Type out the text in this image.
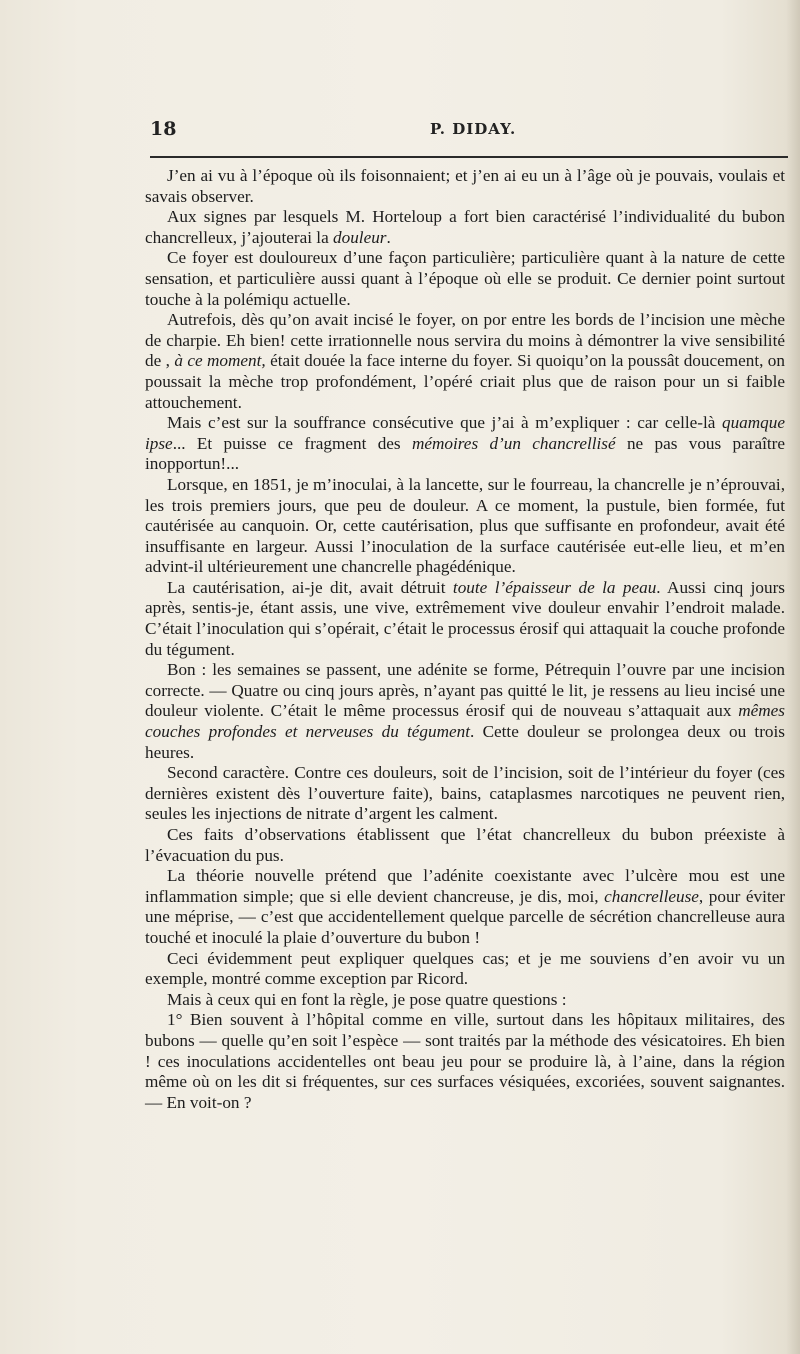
18	P. DIDAY.

J’en ai vu à l’époque où ils foisonnaient; et j’en ai eu un à l’âge où je pouvais, voulais et savais observer.

Aux signes par lesquels M. Horteloup a fort bien caractérisé l’individualité du bubon chancrelleux, j’ajouterai la douleur.

Ce foyer est douloureux d’une façon particulière; particulière quant à la nature de cette sensation, et particulière aussi quant à l’époque où elle se produit. Ce dernier point surtout touche à la polémiqu actuelle.

Autrefois, dès qu’on avait incisé le foyer, on por entre les bords de l’incision une mèche de charpie. Eh bien! cette irrationnelle nous servira du moins à démontrer la vive sensibilité de , à ce moment, était douée la face interne du foyer. Si quoiqu’on la poussât doucement, on poussait la mèche trop profondément, l’opéré criait plus que de raison pour un si faible attouchement.

Mais c’est sur la souffrance consécutive que j’ai à m’expliquer : car celle-là quamque ipse... Et puisse ce fragment des mémoires d’un chancrellisé ne pas vous paraître inopportun!...

Lorsque, en 1851, je m’inoculai, à la lancette, sur le fourreau, la chancrelle je n’éprouvai, les trois premiers jours, que peu de douleur. A ce moment, la pustule, bien formée, fut cautérisée au canquoin. Or, cette cautérisation, plus que suffisante en profondeur, avait été insuffisante en largeur. Aussi l’inoculation de la surface cautérisée eut-elle lieu, et m’en advint-il ultérieurement une chancrelle phagédénique.

La cautérisation, ai-je dit, avait détruit toute l’épaisseur de la peau. Aussi cinq jours après, sentis-je, étant assis, une vive, extrêmement vive douleur envahir l’endroit malade. C’était l’inoculation qui s’opérait, c’était le processus érosif qui attaquait la couche profonde du tégument.

Bon : les semaines se passent, une adénite se forme, Pétrequin l’ouvre par une incision correcte. — Quatre ou cinq jours après, n’ayant pas quitté le lit, je ressens au lieu incisé une douleur violente. C’était le même processus érosif qui de nouveau s’attaquait aux mêmes couches profondes et nerveuses du tégument. Cette douleur se prolongea deux ou trois heures.

Second caractère. Contre ces douleurs, soit de l’incision, soit de l’intérieur du foyer (ces dernières existent dès l’ouverture faite), bains, cataplasmes narcotiques ne peuvent rien, seules les injections de nitrate d’argent les calment.

Ces faits d’observations établissent que l’état chancrelleux du bubon préexiste à l’évacuation du pus.

La théorie nouvelle prétend que l’adénite coexistante avec l’ulcère mou est une inflammation simple; que si elle devient chancreuse, je dis, moi, chancrelleuse, pour éviter une méprise, — c’est que accidentellement quelque parcelle de sécrétion chancrelleuse aura touché et inoculé la plaie d’ouverture du bubon !

Ceci évidemment peut expliquer quelques cas; et je me souviens d’en avoir vu un exemple, montré comme exception par Ricord.

Mais à ceux qui en font la règle, je pose quatre questions :

1° Bien souvent à l’hôpital comme en ville, surtout dans les hôpitaux militaires, des bubons — quelle qu’en soit l’espèce — sont traités par la méthode des vésicatoires. Eh bien ! ces inoculations accidentelles ont beau jeu pour se produire là, à l’aine, dans la région même où on les dit si fréquentes, sur ces surfaces vésiquées, excoriées, souvent saignantes. — En voit-on ?
